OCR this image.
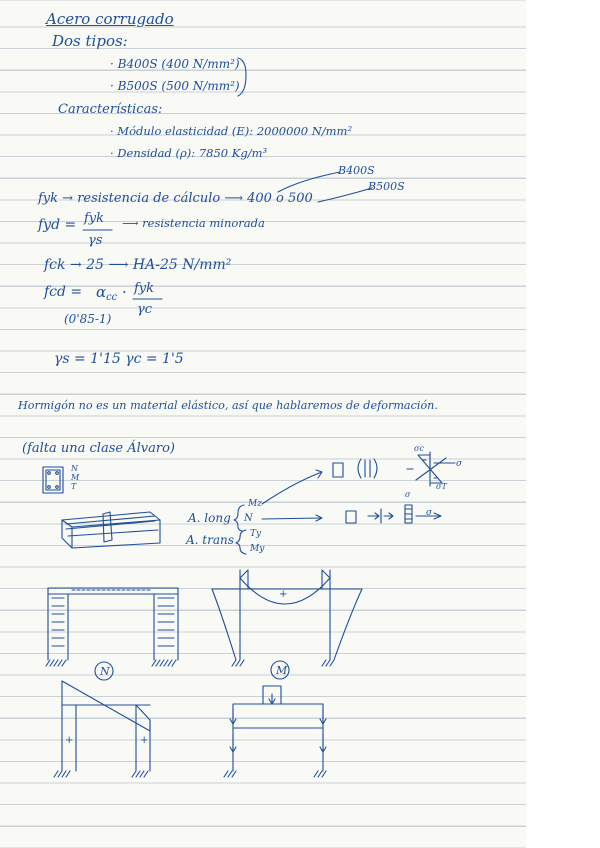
Acero corrugado
Dos tipos:
· B400S (400 N/mm²)
· B500S (500 N/mm²)
Características:
· Módulo elasticidad (E): 2000000 N/mm²
· Densidad (ρ): 7850 Kg/m³
B400S
B500S
fyk → resistencia de cálculo ⟶ 400 o 500
fyd = fyk
γs
⟶ resistencia minorada
fck → 25 ⟶ HA-25 N/mm²
fcd = $\alpha_{cc}$ · fyk
γc
(0'85-1)
γs = 1'15 γc = 1'5
Hormigón no es un material elástico, así que hablaremos de deformación.
(falta una clase Álvaro)
N
M
T
A. long
A. trans
Mz
N
Ty
My
σc
σ
σT
σ
σ
+
+	+
N	M
